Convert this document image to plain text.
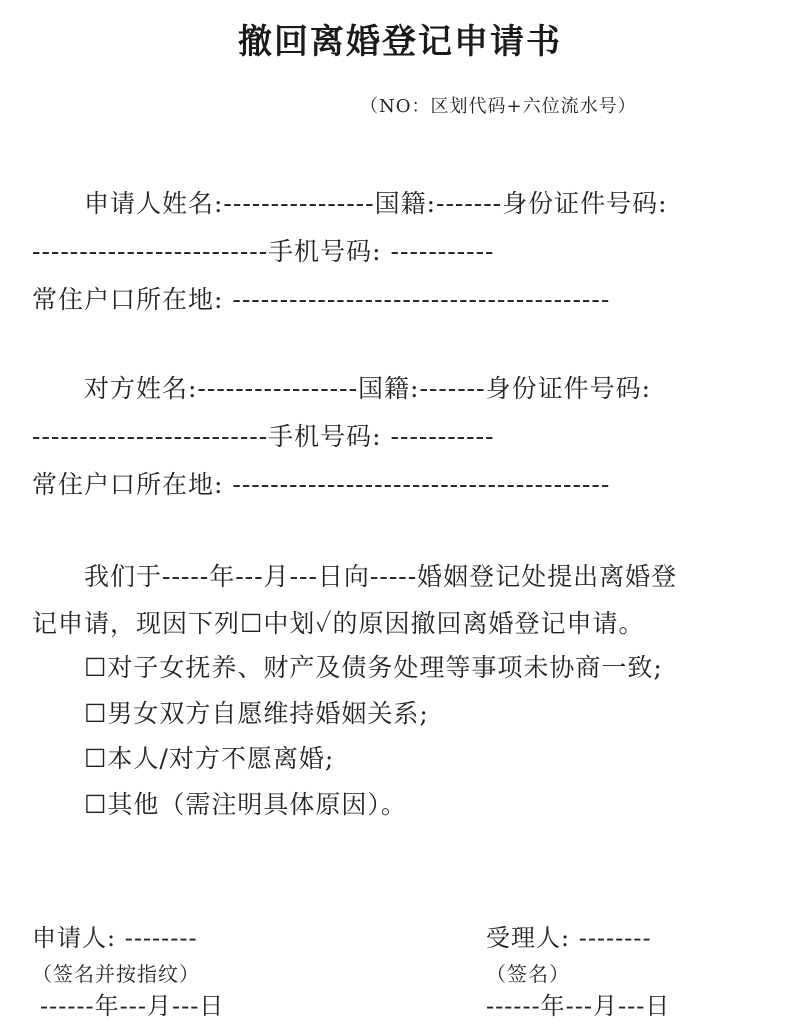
撤回离婚登记申请书
（NO：区划代码+六位流水号）
申请人姓名:----------------国籍:-------身份证件号码:
-------------------------手机号码: -----------
常住户口所在地: ----------------------------------------
对方姓名:-----------------国籍:-------身份证件号码:
-------------------------手机号码: -----------
常住户口所在地: ----------------------------------------
我们于-----年---月---日向-----婚姻登记处提出离婚登
记申请，现因下列☐中划✓的原因撤回离婚登记申请。
☐对子女抚养、财产及债务处理等事项未协商一致;
☐男女双方自愿维持婚姻关系;
☐本人/对方不愿离婚;
☐其他（需注明具体原因）。
申请人: --------
（签名并按指纹）
------年---月---日
受理人: --------
（签名）
------年---月---日
